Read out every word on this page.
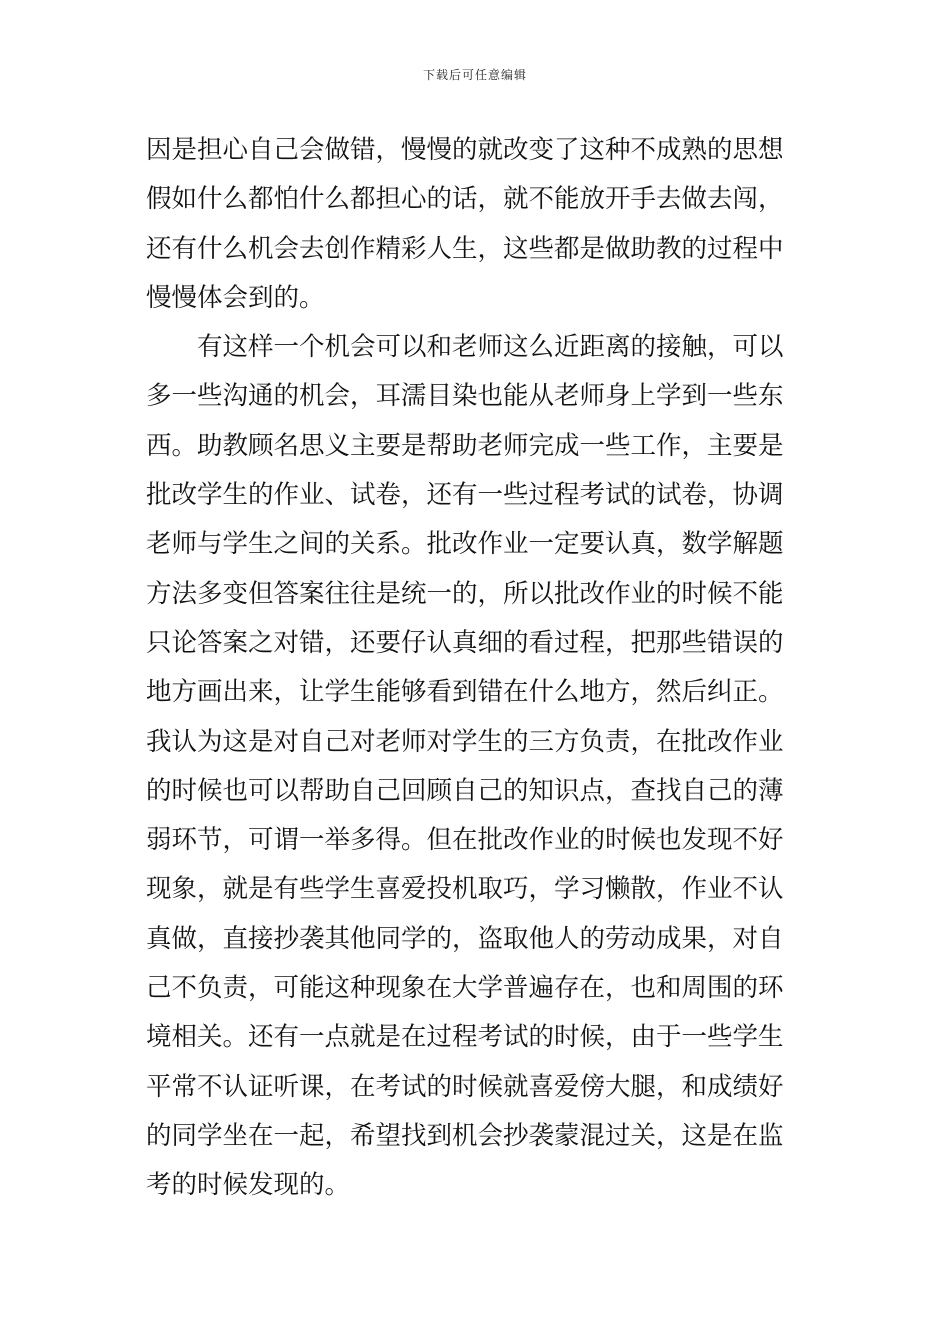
下载后可任意编辑
因是担心自己会做错，慢慢的就改变了这种不成熟的思想
假如什么都怕什么都担心的话，就不能放开手去做去闯，
还有什么机会去创作精彩人生，这些都是做助教的过程中
慢慢体会到的。
有这样一个机会可以和老师这么近距离的接触，可以
多一些沟通的机会，耳濡目染也能从老师身上学到一些东
西。助教顾名思义主要是帮助老师完成一些工作，主要是
批改学生的作业、试卷，还有一些过程考试的试卷，协调
老师与学生之间的关系。批改作业一定要认真，数学解题
方法多变但答案往往是统一的，所以批改作业的时候不能
只论答案之对错，还要仔认真细的看过程，把那些错误的
地方画出来，让学生能够看到错在什么地方，然后纠正。
我认为这是对自己对老师对学生的三方负责，在批改作业
的时候也可以帮助自己回顾自己的知识点，查找自己的薄
弱环节，可谓一举多得。但在批改作业的时候也发现不好
现象，就是有些学生喜爱投机取巧，学习懒散，作业不认
真做，直接抄袭其他同学的，盗取他人的劳动成果，对自
己不负责，可能这种现象在大学普遍存在，也和周围的环
境相关。还有一点就是在过程考试的时候，由于一些学生
平常不认证听课，在考试的时候就喜爱傍大腿，和成绩好
的同学坐在一起，希望找到机会抄袭蒙混过关，这是在监
考的时候发现的。
